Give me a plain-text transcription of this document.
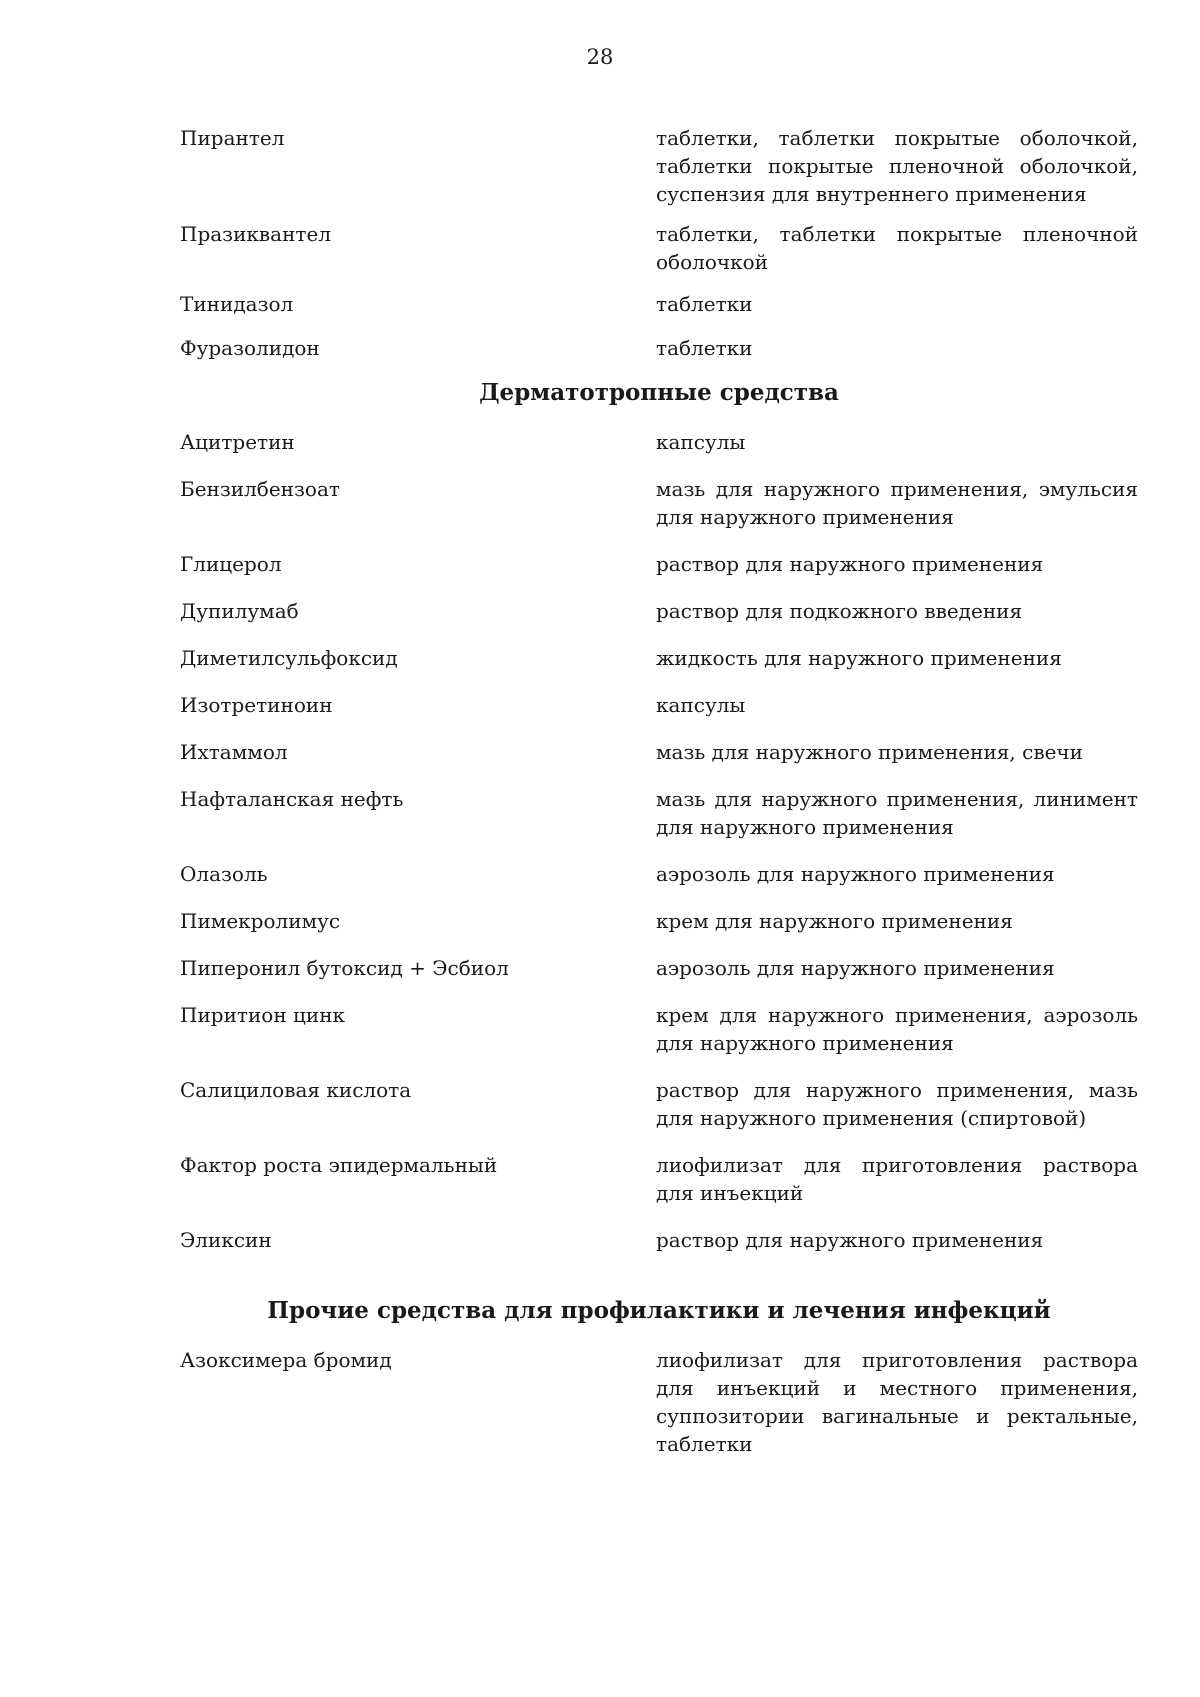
28
Пирантел	таблетки, таблетки покрытые оболочкой, таблетки покрытые пленочной оболочкой, суспензия для внутреннего применения
Празиквантел	таблетки, таблетки покрытые пленочной оболочкой
Тинидазол	таблетки
Фуразолидон	таблетки
Дерматотропные средства
Ацитретин	капсулы
Бензилбензоат	мазь для наружного применения, эмульсия для наружного применения
Глицерол	раствор для наружного применения
Дупилумаб	раствор для подкожного введения
Диметилсульфоксид	жидкость для наружного применения
Изотретиноин	капсулы
Ихтаммол	мазь для наружного применения, свечи
Нафталанская нефть	мазь для наружного применения, линимент для наружного применения
Олазоль	аэрозоль для наружного применения
Пимекролимус	крем для наружного применения
Пиперонил бутоксид + Эсбиол	аэрозоль для наружного применения
Пиритион цинк	крем для наружного применения, аэрозоль для наружного применения
Салициловая кислота	раствор для наружного применения, мазь для наружного применения (спиртовой)
Фактор роста эпидермальный	лиофилизат для приготовления раствора для инъекций
Эликсин	раствор для наружного применения
Прочие средства для профилактики и лечения инфекций
Азоксимера бромид	лиофилизат для приготовления раствора для инъекций и местного применения, суппозитории вагинальные и ректальные, таблетки
